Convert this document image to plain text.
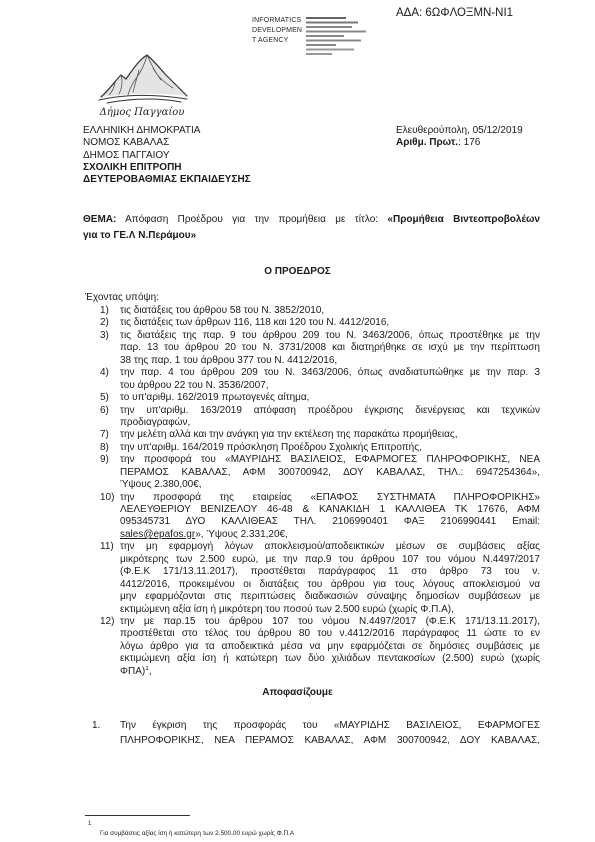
ΑΔΑ: 6ΩΦΛΟΞΜΝ-ΝΙ1
INFORMATICS
DEVELOPMEN
T AGENCY
Δήμος Παγγαίου
ΕΛΛΗΝΙΚΗ ΔΗΜΟΚΡΑΤΙΑ
ΝΟΜΟΣ ΚΑΒΑΛΑΣ
ΔΗΜΟΣ ΠΑΓΓΑΙΟΥ
ΣΧΟΛΙΚΗ ΕΠΙΤΡΟΠΗ
ΔΕΥΤΕΡΟΒΑΘΜΙΑΣ ΕΚΠΑΙΔΕΥΣΗΣ
Ελευθερούπολη, 05/12/2019
Αριθμ. Πρωτ.: 176
ΘΕΜΑ: Απόφαση Προέδρου για την προμήθεια με τίτλο: «Προμήθεια Βιντεοπροβολέων
για το ΓΕ.Λ Ν.Περάμου»
Ο ΠΡΟΕΔΡΟΣ
Έχοντας υπόψη:
1) τις διατάξεις του άρθρου 58 του Ν. 3852/2010,
2) τις διατάξεις των άρθρων 116, 118 και 120 του Ν. 4412/2016,
3) τις διατάξεις της παρ. 9 του άρθρου 209 του Ν. 3463/2006, όπως προστέθηκε με την
παρ. 13 του άρθρου 20 του Ν. 3731/2008 και διατηρήθηκε σε ισχύ με την περίπτωση
38 της παρ. 1 του άρθρου 377 του Ν. 4412/2016,
4) την παρ. 4 του άρθρου 209 του Ν. 3463/2006, όπως αναδιατυπώθηκε με την παρ. 3
του άρθρου 22 του Ν. 3536/2007,
5) το υπ'αριθμ. 162/2019 πρωτογενές αίτημα,
6) την υπ'αριθμ. 163/2019 απόφαση προέδρου έγκρισης διενέργειας και τεχνικών
προδιαγραφών,
7) την μελέτη αλλά και την ανάγκη για την εκτέλεση της παρακάτω προμήθειας,
8) την υπ'αριθμ. 164/2019 πρόσκληση Προέδρου Σχολικής Επιτροπής,
9) την προσφορά του «ΜΑΥΡΙΔΗΣ ΒΑΣΙΛΕΙΟΣ, ΕΦΑΡΜΟΓΕΣ ΠΛΗΡΟΦΟΡΙΚΗΣ, ΝΕΑ
ΠΕΡΑΜΟΣ ΚΑΒΑΛΑΣ, ΑΦΜ 300700942, ΔΟΥ ΚΑΒΑΛΑΣ, ΤΗΛ.: 6947254364»,
Ύψους 2.380,00€,
10) την προσφορά της εταιρείας «ΕΠΑΦΟΣ ΣΥΣΤΗΜΑΤΑ ΠΛΗΡΟΦΟΡΙΚΗΣ»
ΛΕΛΕΥΘΕΡΙΟΥ ΒΕΝΙΖΕΛΟΥ 46-48 & ΚΑΝΑΚΙΔΗ 1 ΚΑΛΛΙΘΕΑ ΤΚ 17676, ΑΦΜ
095345731 ΔΥΟ ΚΑΛΛΙΘΕΑΣ ΤΗΛ. 2106990401 ΦΑΞ 2106990441 Email:
sales@epafos.gr», Ύψους 2.331,20€,
11) την μη εφαρμογή λόγων αποκλεισμού/αποδεικτικών μέσων σε συμβάσεις αξίας
μικρότερης των 2.500 ευρώ, με την παρ.9 του άρθρου 107 του νόμου Ν.4497/2017
(Φ.Ε.Κ 171/13.11.2017), προστέθεται παράγραφος 11 στο άρθρο 73 του ν.
4412/2016, προκειμένου οι διατάξεις του άρθρου για τους λόγους αποκλεισμού να
μην εφαρμόζονται στις περιπτώσεις διαδικασιών σύναψης δημοσίων συμβάσεων με
εκτιμώμενη αξία ίση ή μικρότερη του ποσού των 2.500 ευρώ (χωρίς Φ.Π.Α),
12) την με παρ.15 του άρθρου 107 του νόμου Ν.4497/2017 (Φ.Ε.Κ 171/13.11.2017),
προστέθεται στο τέλος του άρθρου 80 του ν.4412/2016 παράγραφος 11 ώστε το εν
λόγω άρθρο για τα αποδεικτικά μέσα να μην εφαρμόζεται σε δημόσιες συμβάσεις με
εκτιμώμενη αξία ίση ή κατώτερη των δύο χιλιάδων πεντακοσίων (2.500) ευρώ (χωρίς
ΦΠΑ)$^1$,
Αποφασίζουμε
1. Την έγκριση της προσφοράς του «ΜΑΥΡΙΔΗΣ ΒΑΣΙΛΕΙΟΣ, ΕΦΑΡΜΟΓΕΣ
ΠΛΗΡΟΦΟΡΙΚΗΣ, ΝΕΑ ΠΕΡΑΜΟΣ ΚΑΒΑΛΑΣ, ΑΦΜ 300700942, ΔΟΥ ΚΑΒΑΛΑΣ,
1
Για συμβάσεις αξίας ίση ή κατώτερη των 2.500,00 ευρώ χωρίς Φ.Π.Α
